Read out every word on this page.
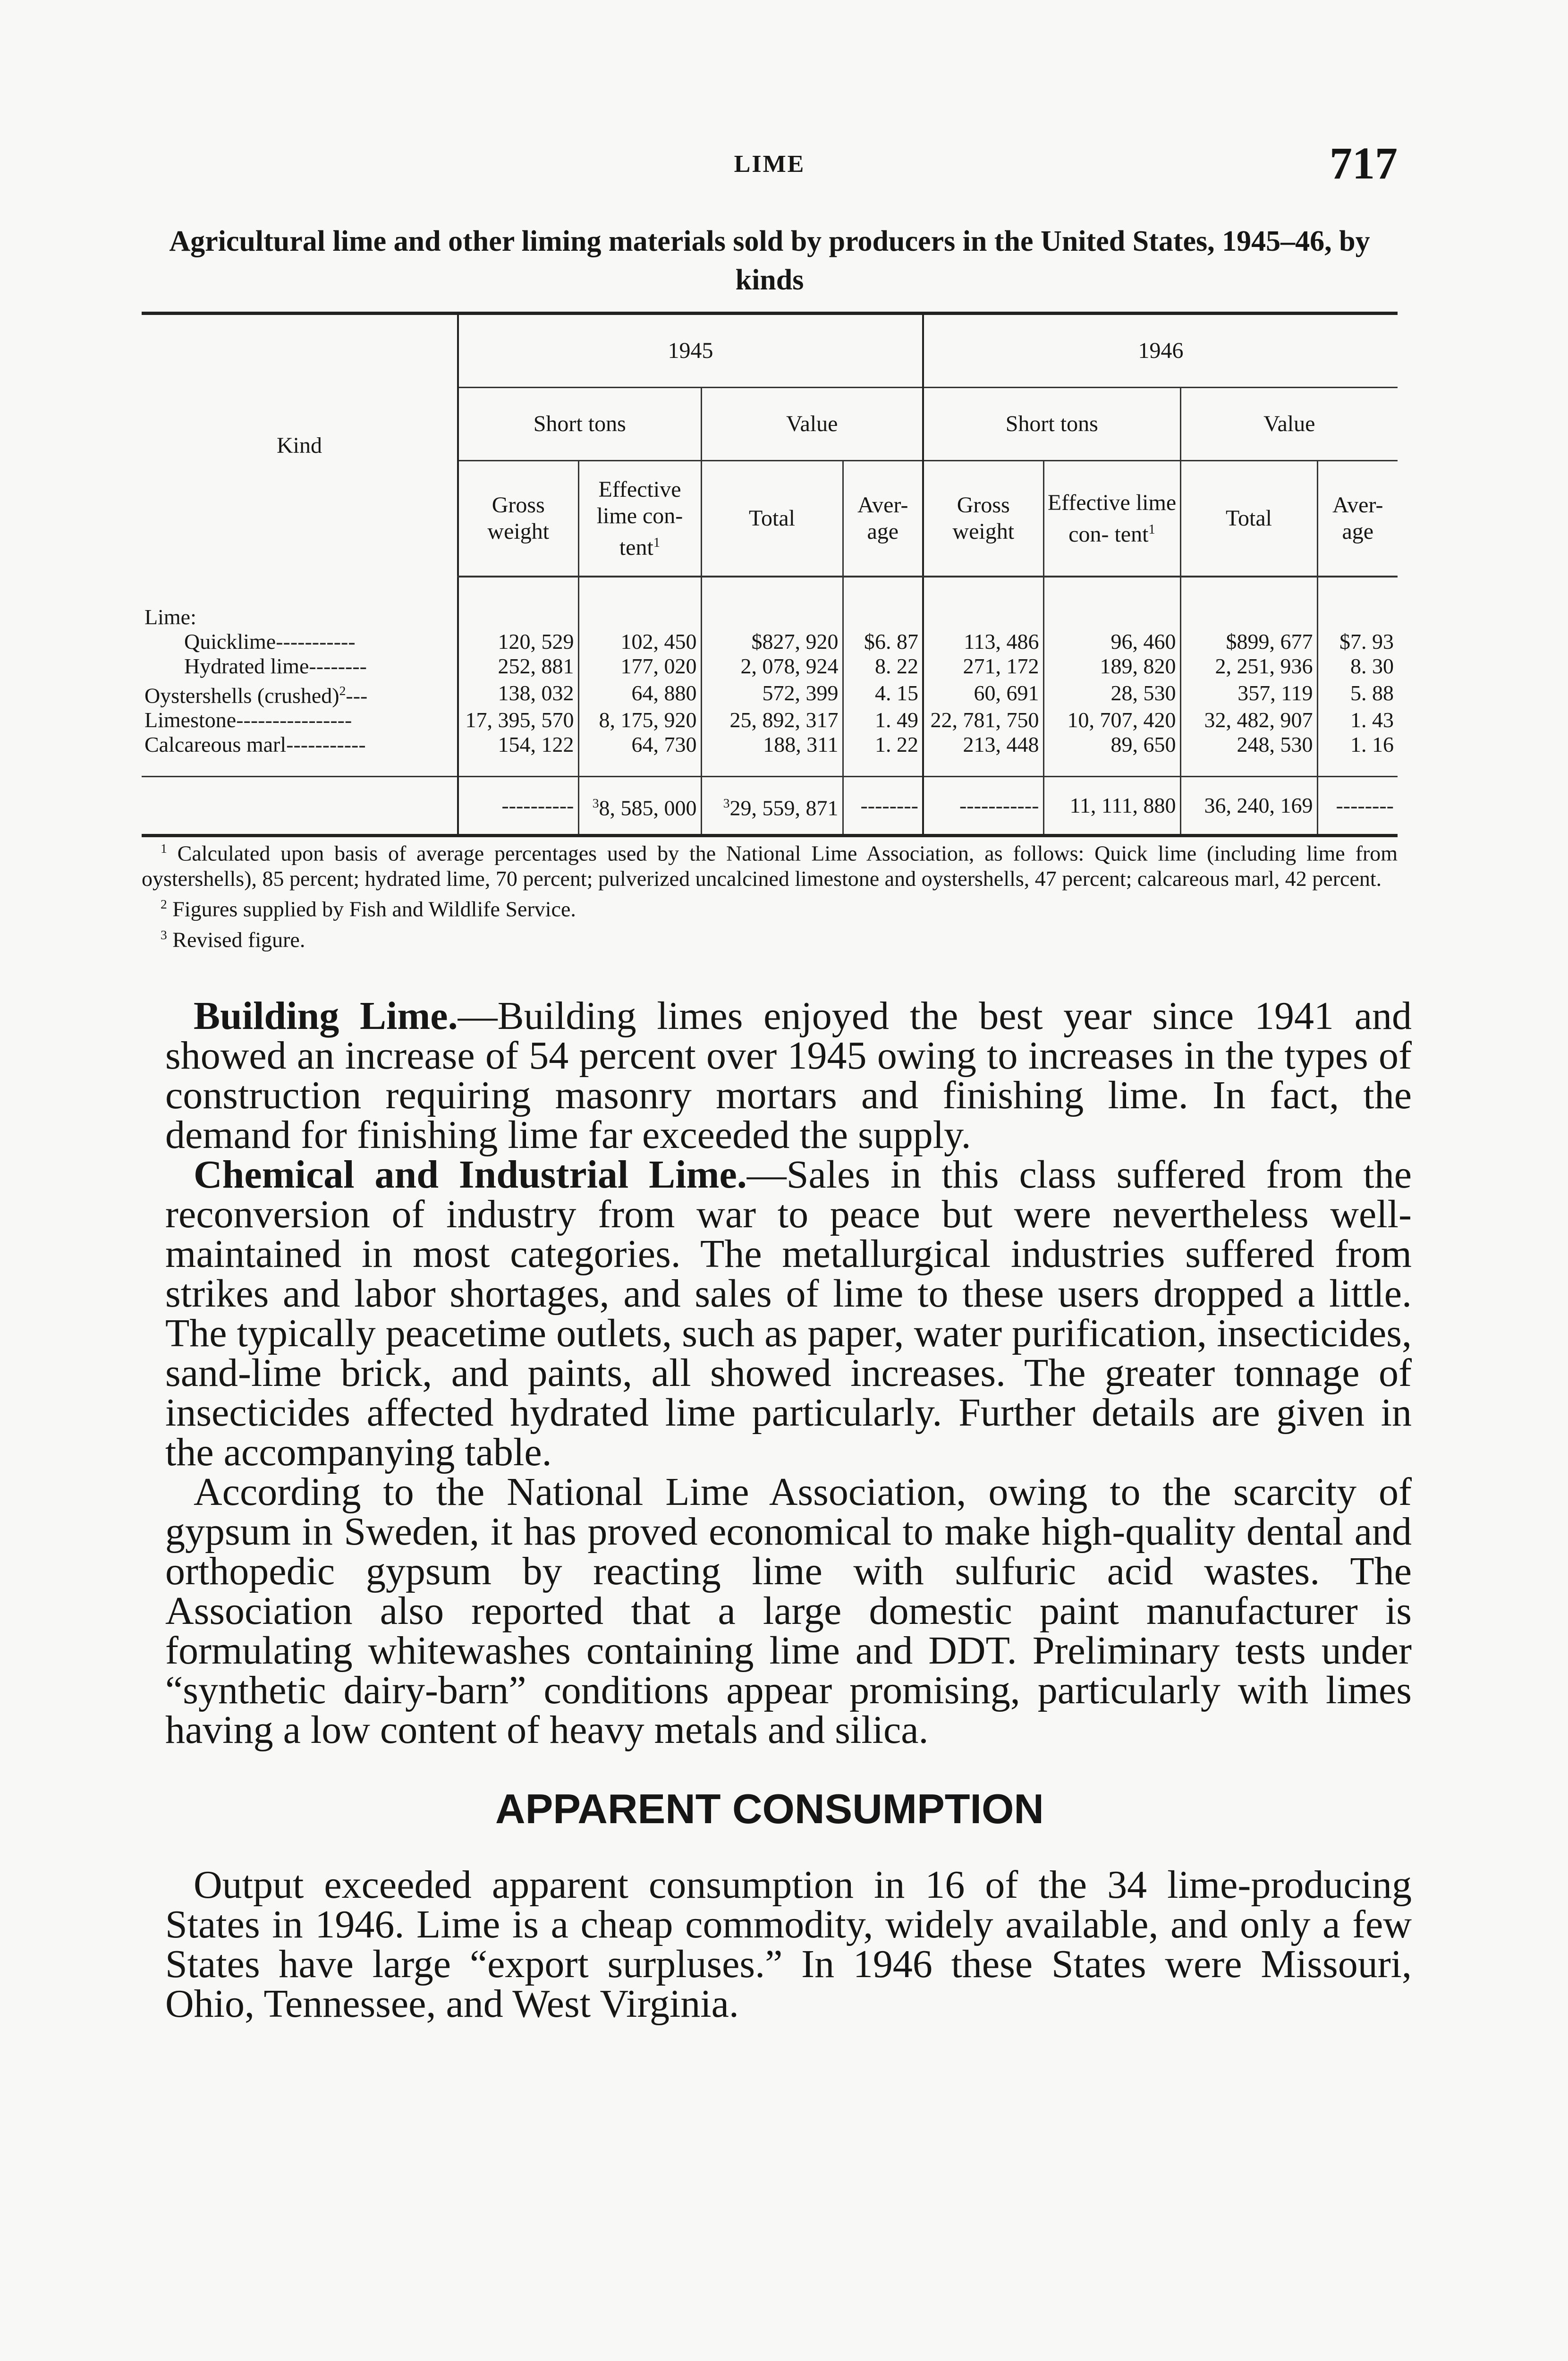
LIME	717
Agricultural lime and other liming materials sold by producers in the United States, 1945–46, by kinds
Kind	1945				1946			
	Short tons		Value		Short tons		Value	
	Gross weight	Effective lime con- tent$^1$	Total	Aver- age	Gross weight	Effective lime con- tent$^1$	Total	Aver- age
Lime:								
Quicklime-----------	120, 529	102, 450	$827, 920	$6. 87	113, 486	96, 460	$899, 677	$7. 93
Hydrated lime--------	252, 881	177, 020	2, 078, 924	8. 22	271, 172	189, 820	2, 251, 936	8. 30
Oystershells (crushed)$^2$---	138, 032	64, 880	572, 399	4. 15	60, 691	28, 530	357, 119	5. 88
Limestone----------------	17, 395, 570	8, 175, 920	25, 892, 317	1. 49	22, 781, 750	10, 707, 420	32, 482, 907	1. 43
Calcareous marl-----------	154, 122	64, 730	188, 311	1. 22	213, 448	89, 650	248, 530	1. 16
	----------	$^3$8, 585, 000	$^3$29, 559, 871	--------	-----------	11, 111, 880	36, 240, 169	--------

$^1$ Calculated upon basis of average percentages used by the National Lime Association, as follows: Quick lime (including lime from oystershells), 85 percent; hydrated lime, 70 percent; pulverized uncalcined limestone and oystershells, 47 percent; calcareous marl, 42 percent.

$^2$ Figures supplied by Fish and Wildlife Service.

$^3$ Revised figure.

Building Lime.—Building limes enjoyed the best year since 1941 and showed an increase of 54 percent over 1945 owing to increases in the types of construction requiring masonry mortars and finishing lime. In fact, the demand for finishing lime far exceeded the supply.

Chemical and Industrial Lime.—Sales in this class suffered from the reconversion of industry from war to peace but were nevertheless well-maintained in most categories. The metallurgical industries suffered from strikes and labor shortages, and sales of lime to these users dropped a little. The typically peacetime outlets, such as paper, water purification, insecticides, sand-lime brick, and paints, all showed increases. The greater tonnage of insecticides affected hydrated lime particularly. Further details are given in the accompanying table.

According to the National Lime Association, owing to the scarcity of gypsum in Sweden, it has proved economical to make high-quality dental and orthopedic gypsum by reacting lime with sulfuric acid wastes. The Association also reported that a large domestic paint manufacturer is formulating whitewashes containing lime and DDT. Preliminary tests under “synthetic dairy-barn” conditions appear promising, particularly with limes having a low content of heavy metals and silica.

APPARENT CONSUMPTION

Output exceeded apparent consumption in 16 of the 34 lime-producing States in 1946. Lime is a cheap commodity, widely available, and only a few States have large “export surpluses.” In 1946 these States were Missouri, Ohio, Tennessee, and West Virginia.
